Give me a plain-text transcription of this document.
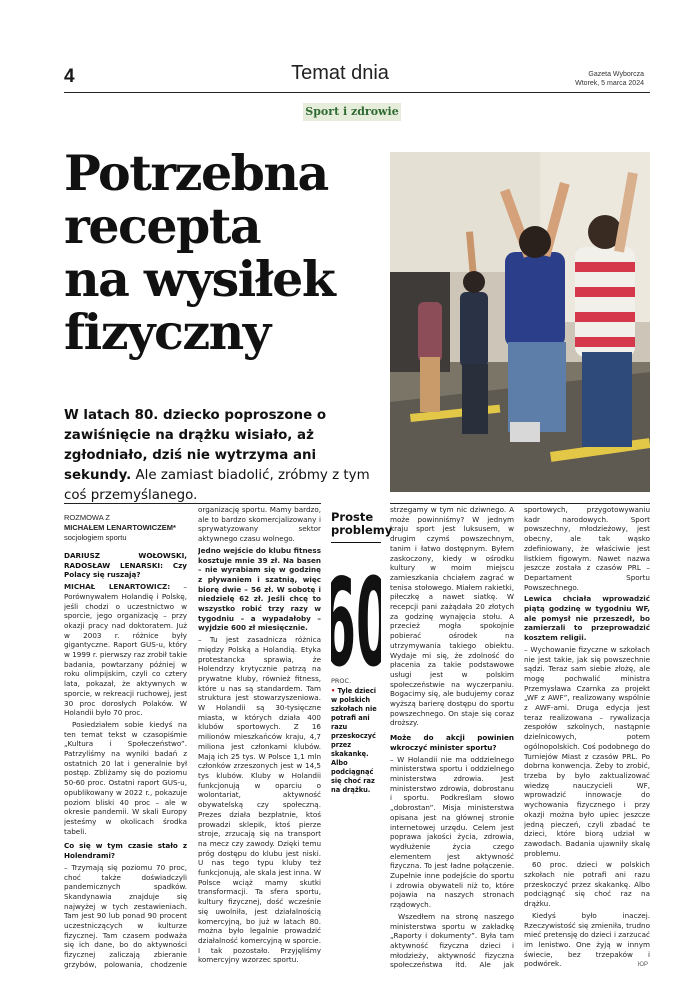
4	Temat dnia	Gazeta Wyborcza
Wtorek, 5 marca 2024
Sport i zdrowie
Potrzebna
recepta
na wysiłek
fizyczny
W latach 80. dziecko poproszone o zawiśnięcie na drążku wisiało, aż zgłodniało, dziś nie wytrzyma ani sekundy. Ale zamiast biadolić, zróbmy z tym coś przemyślanego.
ROZMOWA Z
MICHAŁEM LENARTOWICZEM*
socjologiem sportu

DARIUSZ WOŁOWSKI, RADOSŁAW LENARSKI: Czy Polacy się ruszają?

MICHAŁ LENARTOWICZ: – Porównywałem Holandię i Polskę, jeśli chodzi o uczestnictwo w sporcie, jego organizację – przy okazji pracy nad doktoratem. Już w 2003 r. różnice były gigantyczne. Raport GUS-u, który w 1999 r. pierwszy raz zrobił takie badania, powtarzany później w roku olimpijskim, czyli co cztery lata, pokazał, że aktywnych w sporcie, w rekreacji ruchowej, jest 30 proc dorosłych Polaków. W Holandii było 70 proc.

Posiedziałem sobie kiedyś na ten temat tekst w czasopiśmie „Kultura i Społeczeństwo”. Patrzyliśmy na wyniki badań z ostatnich 20 lat i generalnie był postęp. Zbliżamy się do poziomu 50-60 proc. Ostatni raport GUS-u, opublikowany w 2022 r., pokazuje poziom bliski 40 proc – ale w okresie pandemii. W skali Europy jesteśmy w okolicach środka tabeli.

Co się w tym czasie stało z Holendrami?

– Trzymają się poziomu 70 proc, choć także doświadczyli pandemicznych spadków. Skandynawia znajduje się najwyżej w tych zestawieniach. Tam jest 90 lub ponad 90 procent uczestniczących w kulturze fizycznej. Tam czasem podważa się ich dane, bo do aktywności fizycznej zaliczają zbieranie grzybów, polowania, chodzenie

organizację sportu. Mamy bardzo, ale to bardzo skomercjalizowany i sprywatyzowany sektor aktywnego czasu wolnego.

Jedno wejście do klubu fitness kosztuje mnie 39 zł. Na basen – nie wyrabiam się w godzinę z pływaniem i szatnią, więc biorę dwie – 56 zł. W sobotę i niedzielę 62 zł. Jeśli chcę to wszystko robić trzy razy w tygodniu – a wypadałoby – wyjdzie 600 zł miesięcznie.

– Tu jest zasadnicza różnica między Polską a Holandią. Etyka protestancka sprawia, że Holendrzy krytycznie patrzą na prywatne kluby, również fitness, które u nas są standardem. Tam struktura jest stowarzyszeniowa. W Holandii są 30-tysięczne miasta, w których działa 400 klubów sportowych. Z 16 milionów mieszkańców kraju, 4,7 miliona jest członkami klubów. Mają ich 25 tys. W Polsce 1,1 mln członków zrzeszonych jest w 14,5 tys klubów. Kluby w Holandii funkcjonują w oparciu o wolontariat, aktywność obywatelską czy społeczną. Prezes działa bezpłatnie, ktoś prowadzi sklepik, ktoś pierze stroje, zrzucają się na transport na mecz czy zawody. Dzięki temu próg dostępu do klubu jest niski. U nas tego typu kluby też funkcjonują, ale skala jest inna. W Polsce wciąż mamy skutki transformacji. Ta sfera sportu, kultury fizycznej, dość wcześnie się uwolniła, jest działalnością komercyjną, bo już w latach 80. można było legalnie prowadzić działalność komercyjną w sporcie. I tak pozostało. Przyjęliśmy komercyjny wzorzec sportu.

Proste problemy
PROC.
• Tyle dzieci w polskich szkołach nie potrafi ani razu przeskoczyć przez skakankę. Albo podciągnąć się choć raz na drążku.

strzegamy w tym nic dziwnego. A może powinniśmy? W jednym kraju sport jest luksusem, w drugim czymś powszechnym, tanim i łatwo dostępnym. Byłem zaskoczony, kiedy w ośrodku kultury w moim miejscu zamieszkania chciałem zagrać w tenisa stołowego. Miałem rakietki, piłeczkę a nawet siatkę. W recepcji pani zażądała 20 złotych za godzinę wynajęcia stołu. A przecież mogła spokojnie pobierać ośrodek na utrzymywania takiego obiektu. Wydaje mi się, że zdolność do płacenia za takie podstawowe usługi jest w polskim społeczeństwie na wyczerpaniu. Bogacimy się, ale budujemy coraz wyższą barierę dostępu do sportu powszechnego. On staje się coraz droższy.

Może do akcji powinien wkroczyć minister sportu?

– W Holandii nie ma oddzielnego ministerstwa sportu i oddzielnego ministerstwa zdrowia. Jest ministerstwo zdrowia, dobrostanu i sportu. Podkreślam słowo „dobrostan”. Misja ministerstwa opisana jest na głównej stronie internetowej urzędu. Celem jest poprawa jakości życia, zdrowia, wydłużenie życia czego elementem jest aktywność fizyczna. To jest ładne połączenie. Zupełnie inne podejście do sportu i zdrowia obywateli niż to, które pojawia na naszych stronach rządowych.

Wszedłem na stronę naszego ministerstwa sportu w zakładkę „Raporty i dokumenty”. Była tam aktywność fizyczna dzieci i młodzieży, aktywność fizyczna społeczeństwa itd. Ale jak

sportowych, przygotowywaniu kadr narodowych. Sport powszechny, młodzieżowy, jest obecny, ale tak wąsko zdefiniowany, że właściwie jest listkiem figowym. Nawet nazwa jeszcze została z czasów PRL – Departament Sportu Powszechnego.

Lewica chciała wprowadzić piątą godzinę w tygodniu WF, ale pomysł nie przeszedł, bo zamierzali to przeprowadzić kosztem religii.

– Wychowanie fizyczne w szkołach nie jest takie, jak się powszechnie sądzi. Teraz sam siebie złożę, ale mogę pochwalić ministra Przemysława Czarnka za projekt „WF z AWF”, realizowany wspólnie z AWF-ami. Druga edycja jest teraz realizowana – rywalizacja zespołów szkolnych, nastąpnie dzielnicowych, potem ogólnopolskich. Coś podobnego do Turniejów Miast z czasów PRL. Po dobrna konwencja. Żeby to zrobić, trzeba by było zaktualizować wiedzę nauczycieli WF, wprowadzić innowacje do wychowania fizycznego i przy okazji można było upiec jeszcze jedną pieczeń, czyli zbadać te dzieci, które biorą udział w zawodach. Badania ujawniły skalę problemu.

60 proc. dzieci w polskich szkołach nie potrafi ani razu przeskoczyć przez skakankę. Albo podciągnąć się choć raz na drążku.

Kiedyś było inaczej. Rzeczywistość się zmieniła, trudno mieć pretensję do dzieci i zarzucać im lenistwo. One żyją w innym świecie, bez trzepaków i podwórek.	ЮP
